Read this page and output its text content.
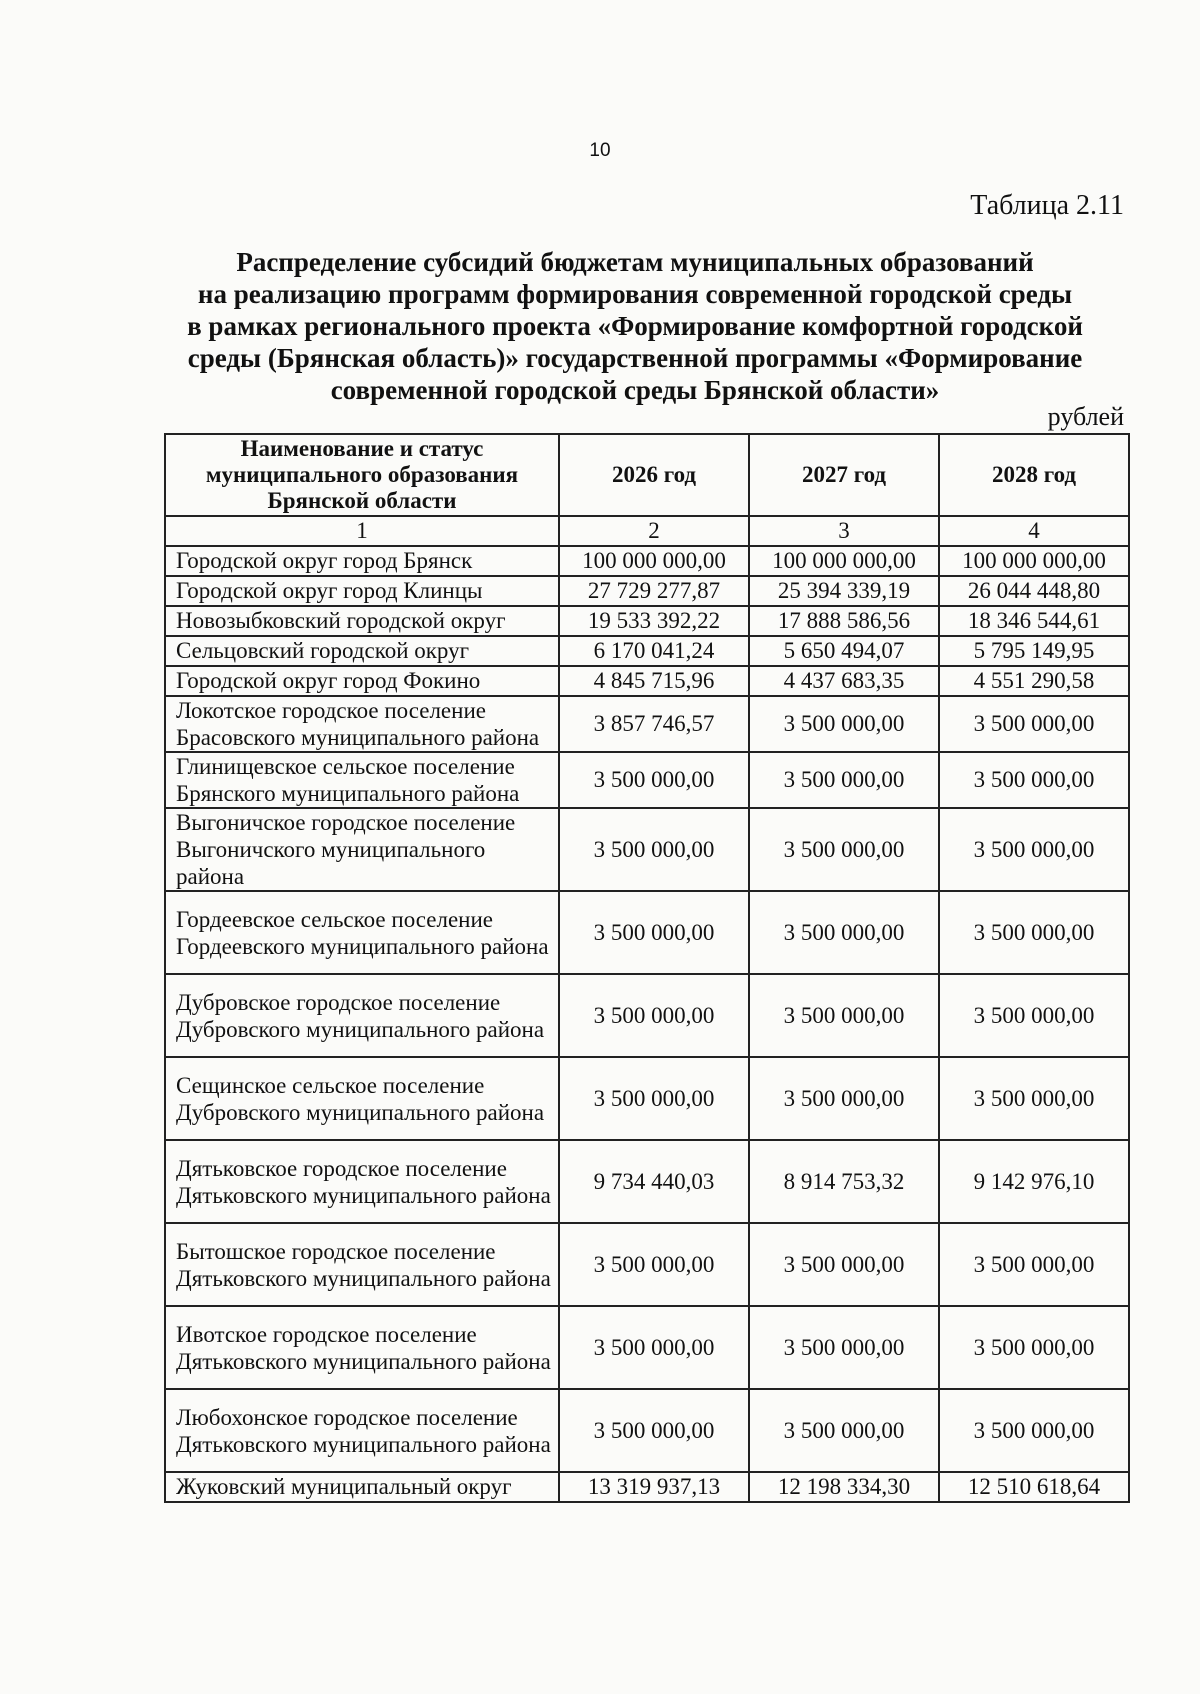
10
Таблица 2.11
Распределение субсидий бюджетам муниципальных образований
на реализацию программ формирования современной городской среды
в рамках регионального проекта «Формирование комфортной городской
среды (Брянская область)» государственной программы «Формирование
современной городской среды Брянской области»
рублей
Наименование и статус муниципального образования Брянской области	2026 год	2027 год	2028 год
1	2	3	4
Городской округ город Брянск	100 000 000,00	100 000 000,00	100 000 000,00
Городской округ город Клинцы	27 729 277,87	25 394 339,19	26 044 448,80
Новозыбковский городской округ	19 533 392,22	17 888 586,56	18 346 544,61
Сельцовский городской округ	6 170 041,24	5 650 494,07	5 795 149,95
Городской округ город Фокино	4 845 715,96	4 437 683,35	4 551 290,58
Локотское городское поселение Брасовского муниципального района	3 857 746,57	3 500 000,00	3 500 000,00
Глинищевское сельское поселение Брянского муниципального района	3 500 000,00	3 500 000,00	3 500 000,00
Выгоничское городское поселение Выгоничского муниципального района	3 500 000,00	3 500 000,00	3 500 000,00
Гордеевское сельское поселение Гордеевского муниципального района	3 500 000,00	3 500 000,00	3 500 000,00
Дубровское городское поселение Дубровского муниципального района	3 500 000,00	3 500 000,00	3 500 000,00
Сещинское сельское поселение Дубровского муниципального района	3 500 000,00	3 500 000,00	3 500 000,00
Дятьковское городское поселение Дятьковского муниципального района	9 734 440,03	8 914 753,32	9 142 976,10
Бытошское городское поселение Дятьковского муниципального района	3 500 000,00	3 500 000,00	3 500 000,00
Ивотское городское поселение Дятьковского муниципального района	3 500 000,00	3 500 000,00	3 500 000,00
Любохонское городское поселение Дятьковского муниципального района	3 500 000,00	3 500 000,00	3 500 000,00
Жуковский муниципальный округ	13 319 937,13	12 198 334,30	12 510 618,64
